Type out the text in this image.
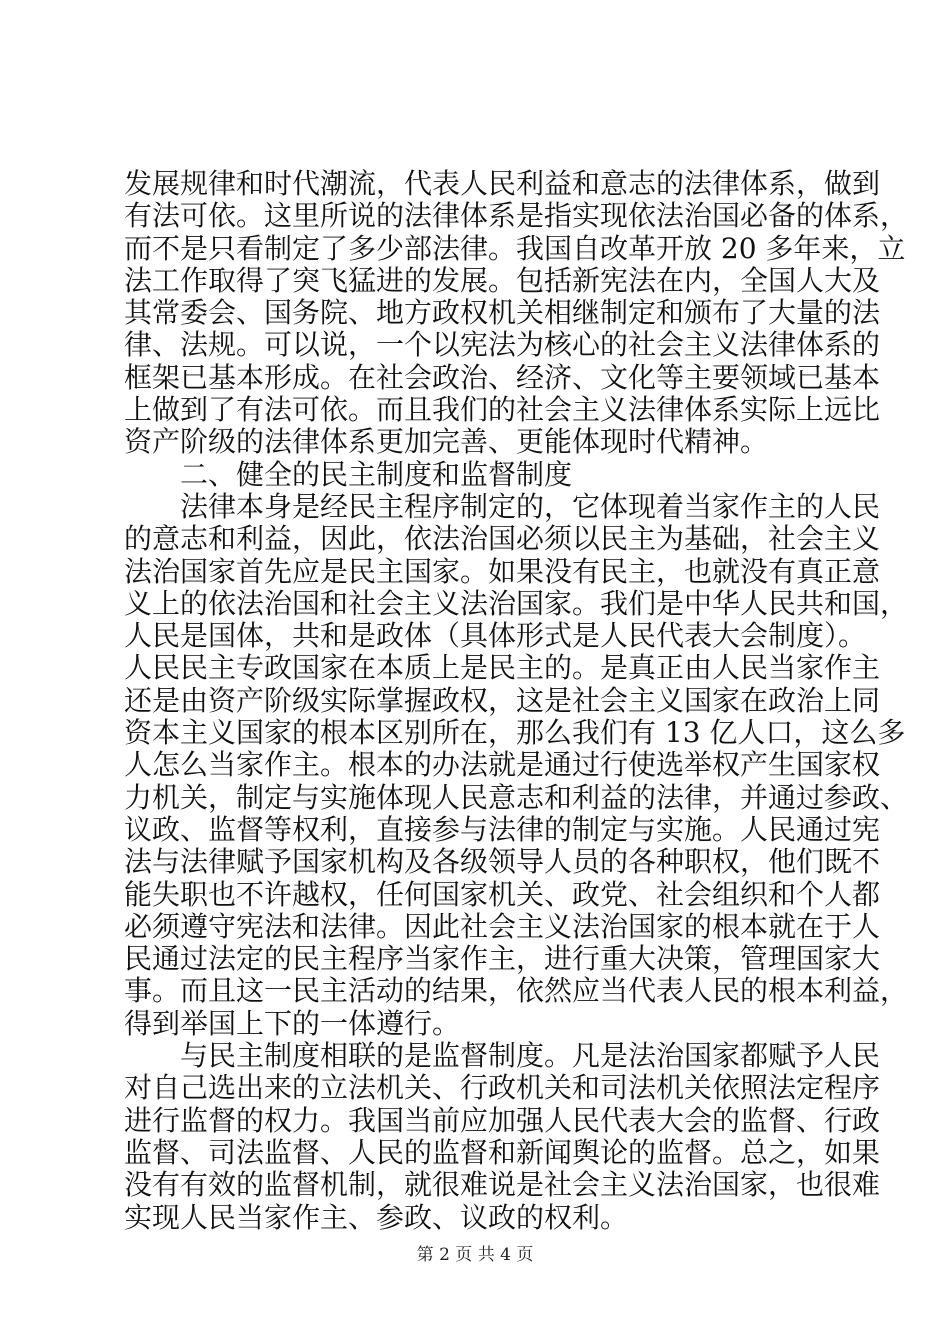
发展规律和时代潮流，代表人民利益和意志的法律体系，做到
有法可依。这里所说的法律体系是指实现依法治国必备的体系，
而不是只看制定了多少部法律。我国自改革开放 20 多年来，立
法工作取得了突飞猛进的发展。包括新宪法在内，全国人大及
其常委会、国务院、地方政权机关相继制定和颁布了大量的法
律、法规。可以说，一个以宪法为核心的社会主义法律体系的
框架已基本形成。在社会政治、经济、文化等主要领域已基本
上做到了有法可依。而且我们的社会主义法律体系实际上远比
资产阶级的法律体系更加完善、更能体现时代精神。
　　二、健全的民主制度和监督制度
　　法律本身是经民主程序制定的，它体现着当家作主的人民
的意志和利益，因此，依法治国必须以民主为基础，社会主义
法治国家首先应是民主国家。如果没有民主，也就没有真正意
义上的依法治国和社会主义法治国家。我们是中华人民共和国，
人民是国体，共和是政体（具体形式是人民代表大会制度）。
人民民主专政国家在本质上是民主的。是真正由人民当家作主
还是由资产阶级实际掌握政权，这是社会主义国家在政治上同
资本主义国家的根本区别所在，那么我们有 13 亿人口，这么多
人怎么当家作主。根本的办法就是通过行使选举权产生国家权
力机关，制定与实施体现人民意志和利益的法律，并通过参政、
议政、监督等权利，直接参与法律的制定与实施。人民通过宪
法与法律赋予国家机构及各级领导人员的各种职权，他们既不
能失职也不许越权，任何国家机关、政党、社会组织和个人都
必须遵守宪法和法律。因此社会主义法治国家的根本就在于人
民通过法定的民主程序当家作主，进行重大决策，管理国家大
事。而且这一民主活动的结果，依然应当代表人民的根本利益，
得到举国上下的一体遵行。
　　与民主制度相联的是监督制度。凡是法治国家都赋予人民
对自己选出来的立法机关、行政机关和司法机关依照法定程序
进行监督的权力。我国当前应加强人民代表大会的监督、行政
监督、司法监督、人民的监督和新闻舆论的监督。总之，如果
没有有效的监督机制，就很难说是社会主义法治国家，也很难
实现人民当家作主、参政、议政的权利。
第 2 页 共 4 页
